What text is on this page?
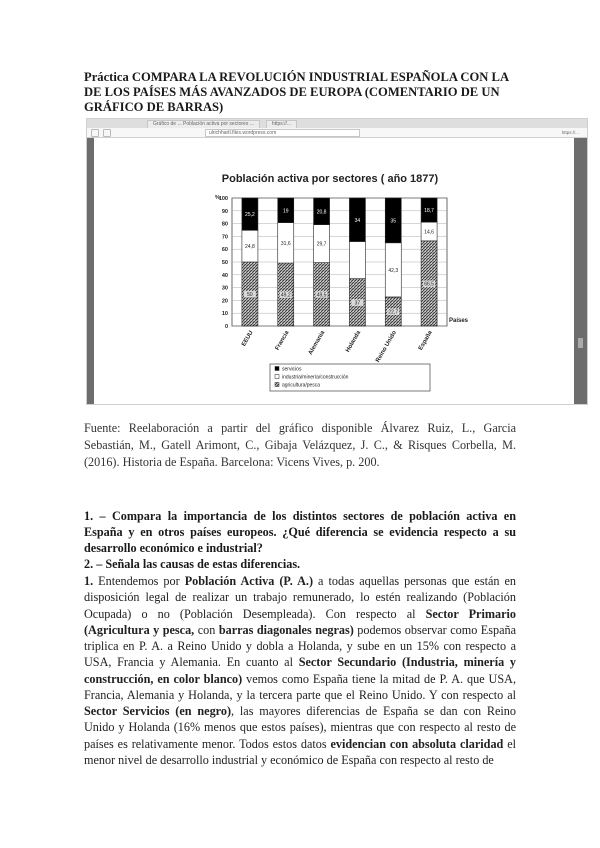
Práctica COMPARA LA REVOLUCIÓN INDUSTRIAL ESPAÑOLA CON LA DE LOS PAÍSES MÁS AVANZADOS DE EUROPA (COMENTARIO DE UN GRÁFICO DE BARRAS)
Gráfico de ... Población activa por sectores ...	https://...
ulrichhartl.files.wordpress.com	https://...
Población activa por sectores ( año 1877)
0
10
20
30
40
50
60
70
80
90
100
%
50
24,8
25,2
49,2
31,6
19
49,5
29,7
20,8
37
34
22,7
42,3
35
66,5
14,6
18,7
EEUU	Francia	Alemania	Holanda Reino Unido	España
Países
servicios
industria/minería/construcción
agricultura/pesca
Fuente: Reelaboración a partir del gráfico disponible Álvarez Ruiz, L., Garcia Sebastián, M., Gatell Arimont, C., Gibaja Velázquez, J. C., & Risques Corbella, M. (2016). Historia de España. Barcelona: Vicens Vives, p. 200.
1. – Compara la importancia de los distintos sectores de población activa en España y en otros países europeos. ¿Qué diferencia se evidencia respecto a su desarrollo económico e industrial?
2. – Señala las causas de estas diferencias.
1. Entendemos por Población Activa (P. A.) a todas aquellas personas que están en disposición legal de realizar un trabajo remunerado, lo estén realizando (Población Ocupada) o no (Población Desempleada). Con respecto al Sector Primario (Agricultura y pesca, con barras diagonales negras) podemos observar como España triplica en P. A. a Reino Unido y dobla a Holanda, y sube en un 15% con respecto a USA, Francia y Alemania. En cuanto al Sector Secundario (Industria, minería y construcción, en color blanco) vemos como España tiene la mitad de P. A. que USA, Francia, Alemania y Holanda, y la tercera parte que el Reino Unido. Y con respecto al Sector Servicios (en negro), las mayores diferencias de España se dan con Reino Unido y Holanda (16% menos que estos países), mientras que con respecto al resto de países es relativamente menor. Todos estos datos evidencian con absoluta claridad el menor nivel de desarrollo industrial y económico de España con respecto al resto de
